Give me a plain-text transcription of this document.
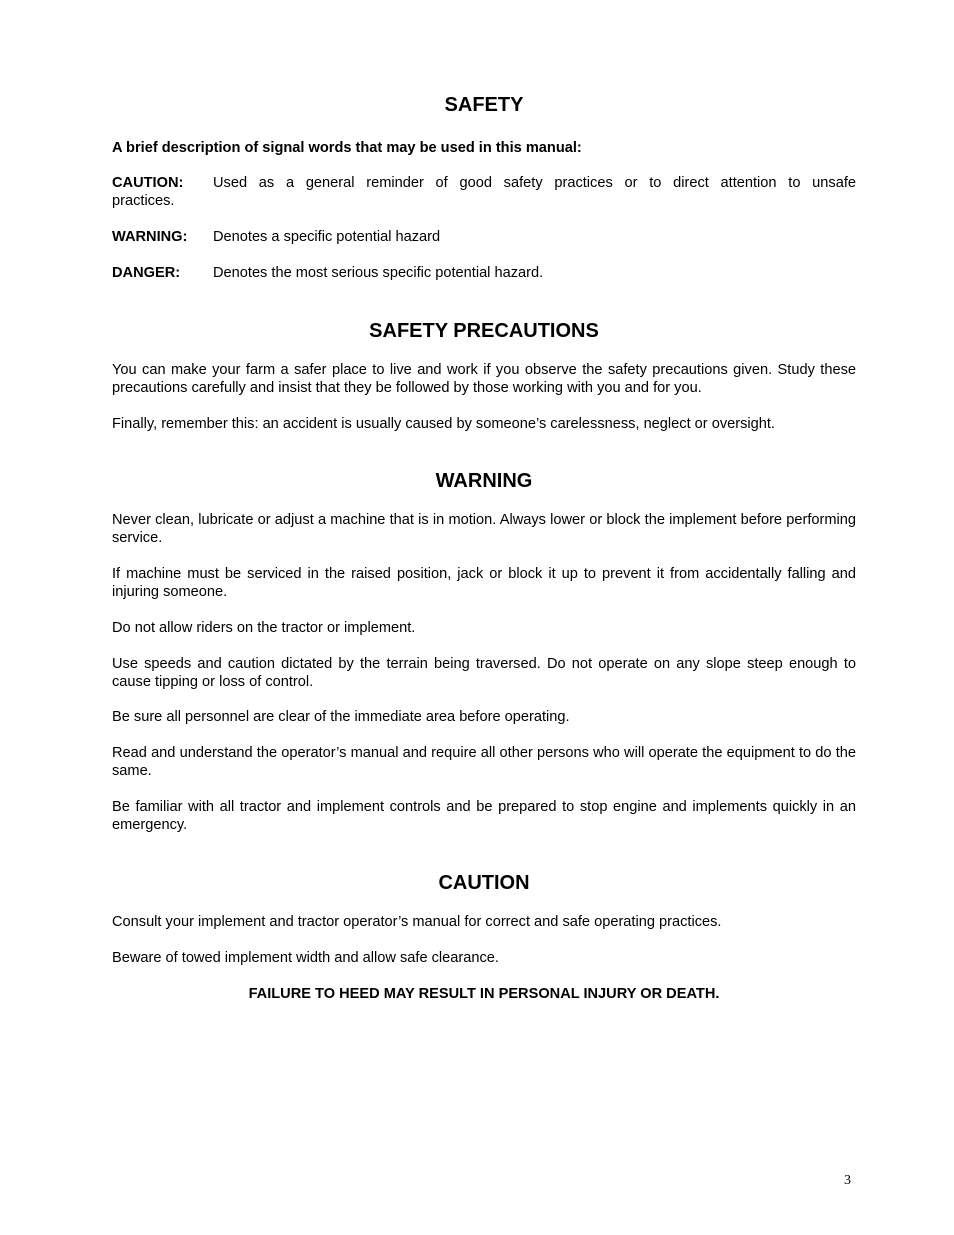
SAFETY

A brief description of signal words that may be used in this manual:

CAUTION:	Used as a general reminder of good safety practices or to direct attention to unsafe
practices.

WARNING: Denotes a specific potential hazard

DANGER: Denotes the most serious specific potential hazard.

SAFETY PRECAUTIONS

You can make your farm a safer place to live and work if you observe the safety precautions given. Study these precautions carefully and insist that they be followed by those working with you and for you.

Finally, remember this: an accident is usually caused by someone’s carelessness, neglect or oversight.

WARNING

Never clean, lubricate or adjust a machine that is in motion. Always lower or block the implement before performing service.

If machine must be serviced in the raised position, jack or block it up to prevent it from accidentally falling and injuring someone.

Do not allow riders on the tractor or implement.

Use speeds and caution dictated by the terrain being traversed. Do not operate on any slope steep enough to cause tipping or loss of control.

Be sure all personnel are clear of the immediate area before operating.

Read and understand the operator’s manual and require all other persons who will operate the equipment to do the same.

Be familiar with all tractor and implement controls and be prepared to stop engine and implements quickly in an emergency.

CAUTION

Consult your implement and tractor operator’s manual for correct and safe operating practices.

Beware of towed implement width and allow safe clearance.

FAILURE TO HEED MAY RESULT IN PERSONAL INJURY OR DEATH.

3
